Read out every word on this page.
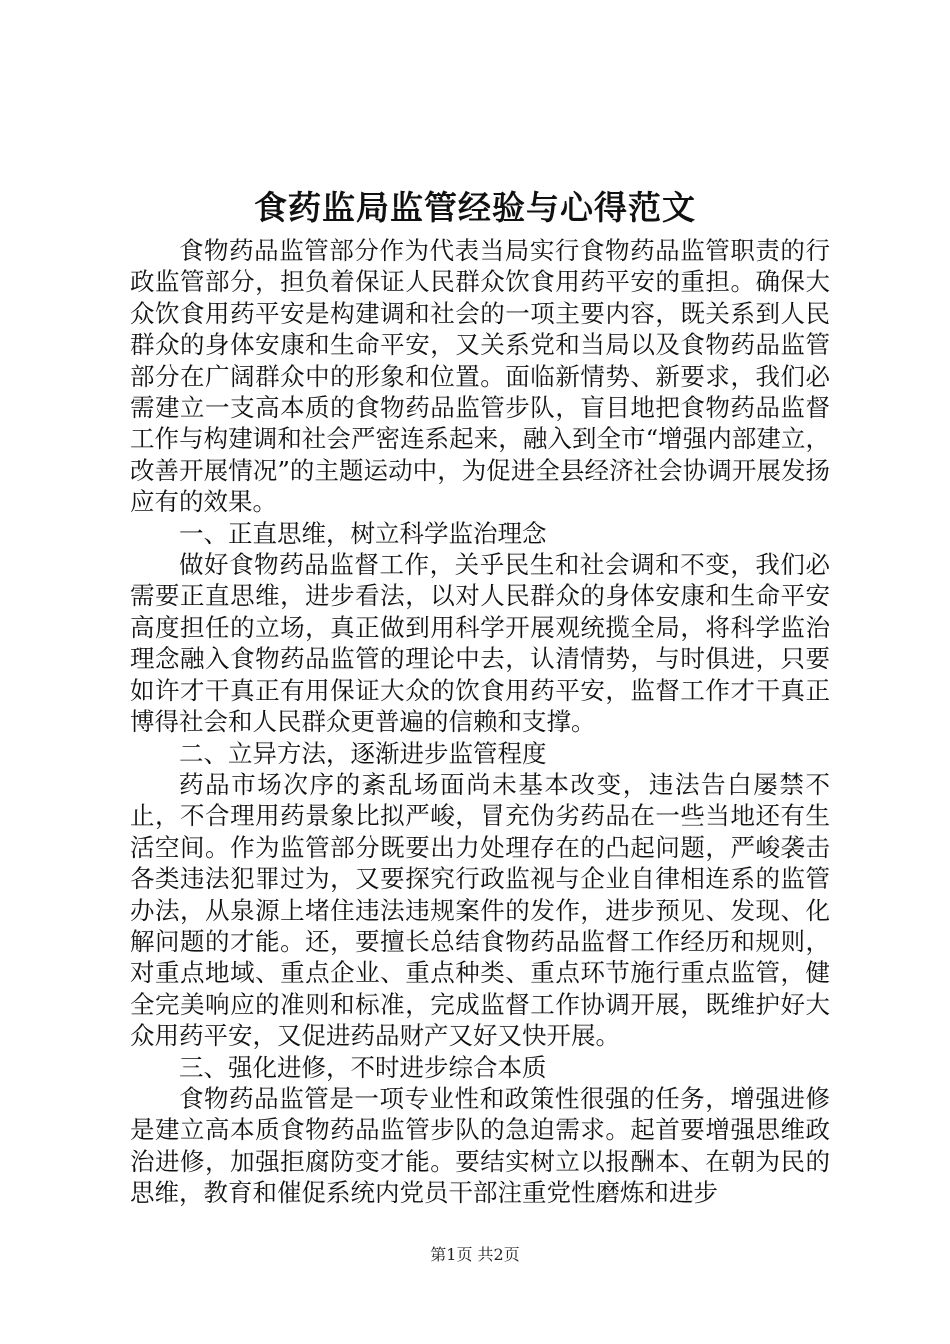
食药监局监管经验与心得范文

食物药品监管部分作为代表当局实行食物药品监管职责的行政监管部分，担负着保证人民群众饮食用药平安的重担。确保大众饮食用药平安是构建调和社会的一项主要内容，既关系到人民群众的身体安康和生命平安，又关系党和当局以及食物药品监管部分在广阔群众中的形象和位置。面临新情势、新要求，我们必需建立一支高本质的食物药品监管步队，盲目地把食物药品监督工作与构建调和社会严密连系起来，融入到全市“增强内部建立，改善开展情况”的主题运动中，为促进全县经济社会协调开展发扬应有的效果。

一、正直思维，树立科学监治理念

做好食物药品监督工作，关乎民生和社会调和不变，我们必需要正直思维，进步看法，以对人民群众的身体安康和生命平安高度担任的立场，真正做到用科学开展观统揽全局，将科学监治理念融入食物药品监管的理论中去，认清情势，与时俱进，只要如许才干真正有用保证大众的饮食用药平安，监督工作才干真正博得社会和人民群众更普遍的信赖和支撑。

二、立异方法，逐渐进步监管程度

药品市场次序的紊乱场面尚未基本改变，违法告白屡禁不止，不合理用药景象比拟严峻，冒充伪劣药品在一些当地还有生活空间。作为监管部分既要出力处理存在的凸起问题，严峻袭击各类违法犯罪过为，又要探究行政监视与企业自律相连系的监管办法，从泉源上堵住违法违规案件的发作，进步预见、发现、化解问题的才能。还，要擅长总结食物药品监督工作经历和规则，对重点地域、重点企业、重点种类、重点环节施行重点监管，健全完美响应的准则和标准，完成监督工作协调开展，既维护好大众用药平安，又促进药品财产又好又快开展。

三、强化进修，不时进步综合本质

食物药品监管是一项专业性和政策性很强的任务，增强进修是建立高本质食物药品监管步队的急迫需求。起首要增强思维政治进修，加强拒腐防变才能。要结实树立以报酬本、在朝为民的思维，教育和催促系统内党员干部注重党性磨炼和进步

第1页 共2页
